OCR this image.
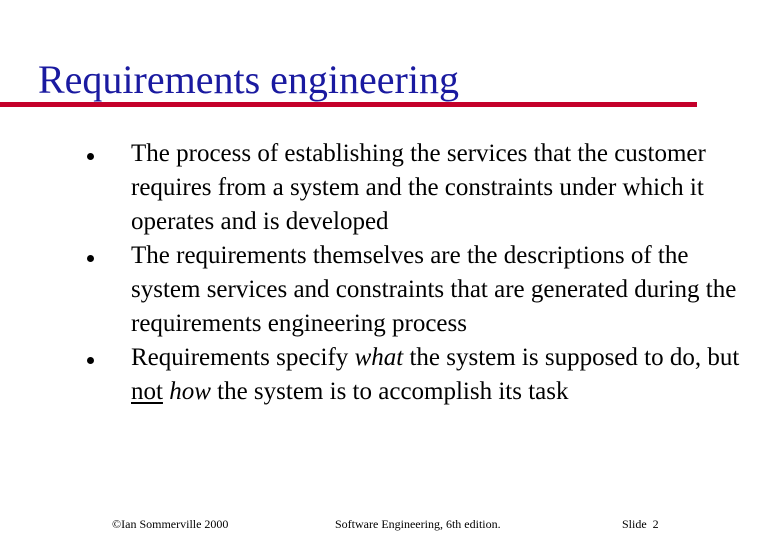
Requirements engineering
The process of establishing the services that the customer requires from a system and the constraints under which it operates and is developed
The requirements themselves are the descriptions of the system services and constraints that are generated during the requirements engineering process
Requirements specify what the system is supposed to do, but not how the system is to accomplish its task
©Ian Sommerville 2000	Software Engineering, 6th edition.	Slide  2
